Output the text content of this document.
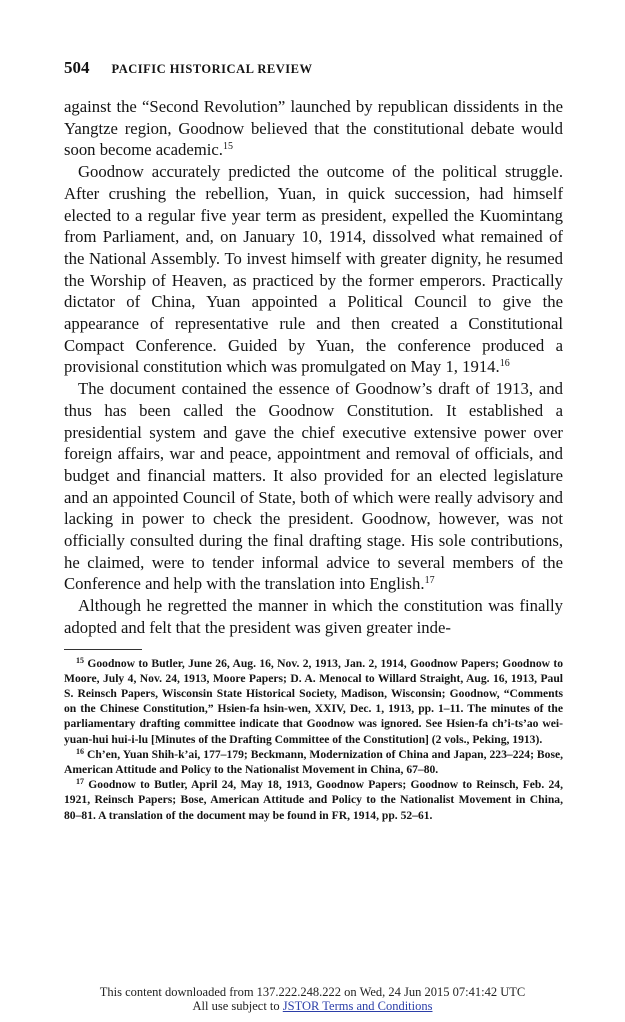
504 PACIFIC HISTORICAL REVIEW

against the “Second Revolution” launched by republican dissidents in the Yangtze region, Goodnow believed that the constitutional debate would soon become academic.$^{15}$

Goodnow accurately predicted the outcome of the political struggle. After crushing the rebellion, Yuan, in quick succession, had himself elected to a regular five year term as president, expelled the Kuomintang from Parliament, and, on January 10, 1914, dissolved what remained of the National Assembly. To invest himself with greater dignity, he resumed the Worship of Heaven, as practiced by the former emperors. Practically dictator of China, Yuan appointed a Political Council to give the appearance of representative rule and then created a Constitutional Compact Conference. Guided by Yuan, the conference produced a provisional constitution which was promulgated on May 1, 1914.16

The document contained the essence of Goodnow’s draft of 1913, and thus has been called the Goodnow Constitution. It established a presidential system and gave the chief executive extensive power over foreign affairs, war and peace, appointment and removal of officials, and budget and financial matters. It also provided for an elected legislature and an appointed Council of State, both of which were really advisory and lacking in power to check the president. Goodnow, however, was not officially consulted during the final drafting stage. His sole contributions, he claimed, were to tender informal advice to several members of the Conference and help with the translation into English.$^{17}$

Although he regretted the manner in which the constitution was finally adopted and felt that the president was given greater inde-

$^{15}$ Goodnow to Butler, June 26, Aug. 16, Nov. 2, 1913, Jan. 2, 1914, Goodnow Papers; Goodnow to Moore, July 4, Nov. 24, 1913, Moore Papers; D. A. Menocal to Willard Straight, Aug. 16, 1913, Paul S. Reinsch Papers, Wisconsin State Historical Society, Madison, Wisconsin; Goodnow, “Comments on the Chinese Constitution,” Hsien-fa hsin-wen, XXIV, Dec. 1, 1913, pp. 1–11. The minutes of the parliamentary drafting committee indicate that Goodnow was ignored. See Hsien-fa ch’i-ts’ao wei-yuan-hui hui-i-lu [Minutes of the Drafting Committee of the Constitution] (2 vols., Peking, 1913).

$^{16}$ Ch’en, Yuan Shih-k’ai, 177–179; Beckmann, Modernization of China and Japan, 223–224; Bose, American Attitude and Policy to the Nationalist Movement in China, 67–80.

$^{17}$ Goodnow to Butler, April 24, May 18, 1913, Goodnow Papers; Goodnow to Reinsch, Feb. 24, 1921, Reinsch Papers; Bose, American Attitude and Policy to the Nationalist Movement in China, 80–81. A translation of the document may be found in FR, 1914, pp. 52–61.

This content downloaded from 137.222.248.222 on Wed, 24 Jun 2015 07:41:42 UTC
All use subject to JSTOR Terms and Conditions
